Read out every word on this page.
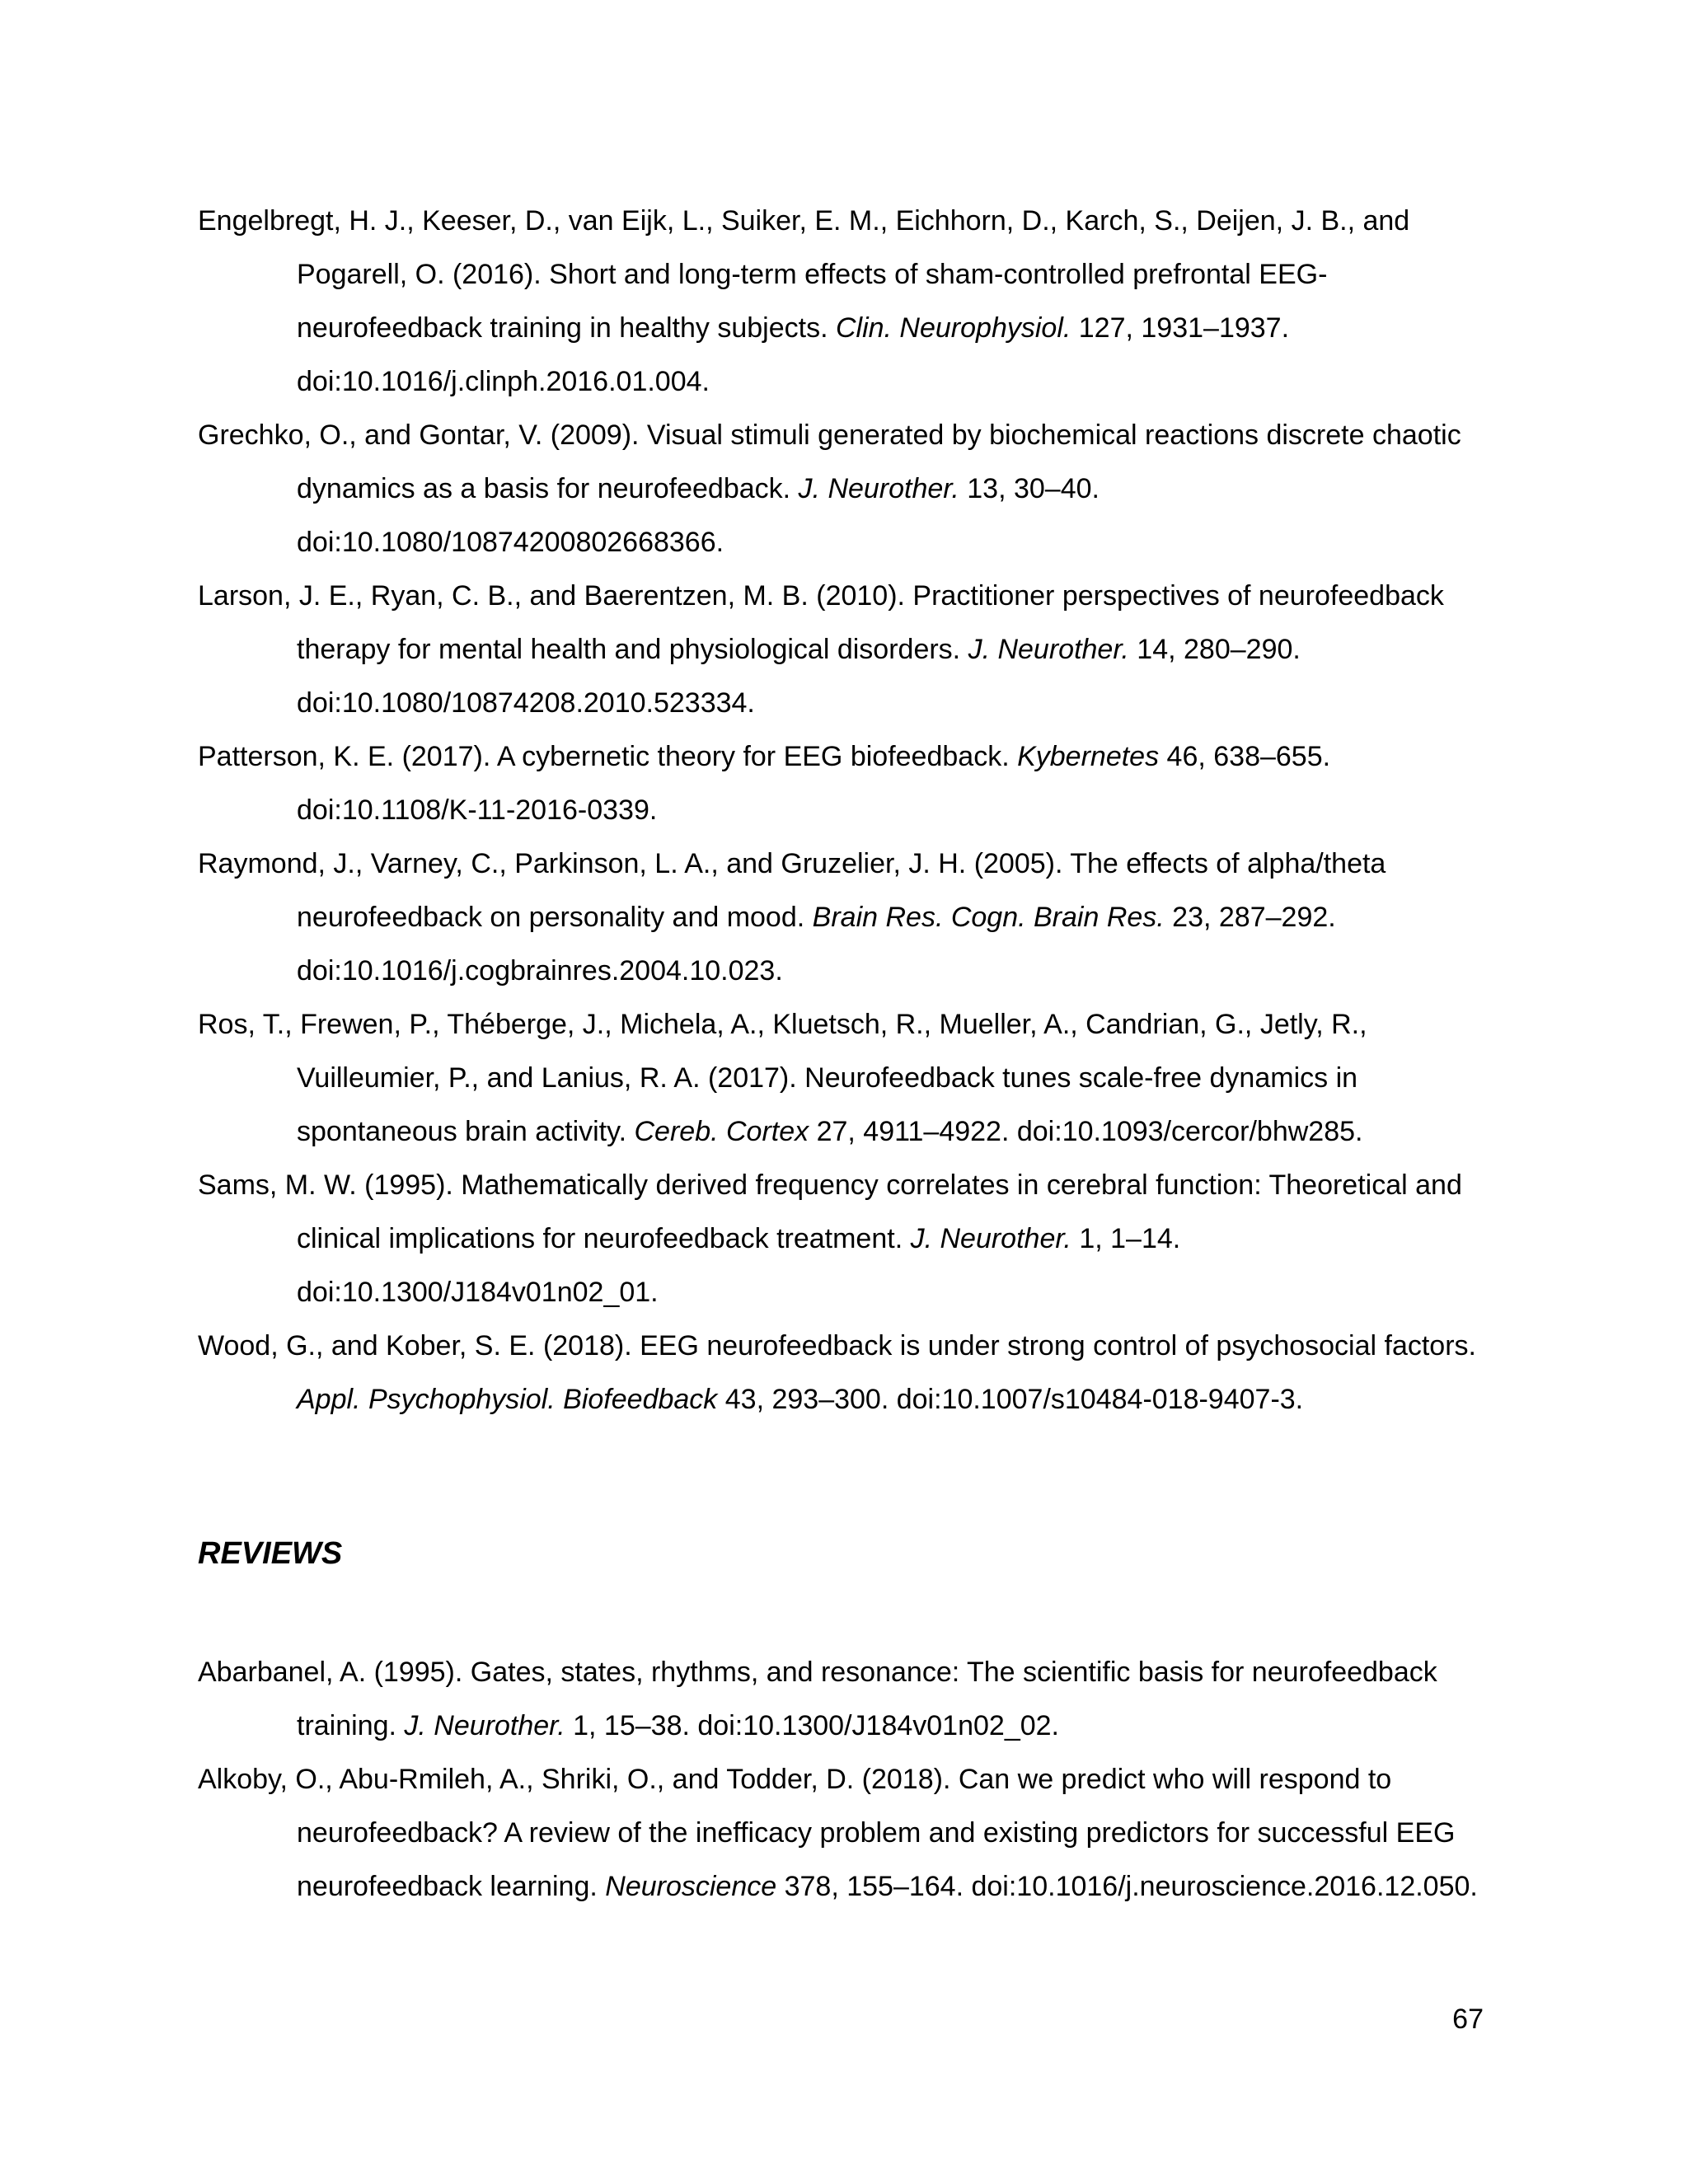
Engelbregt, H. J., Keeser, D., van Eijk, L., Suiker, E. M., Eichhorn, D., Karch, S., Deijen, J. B., and Pogarell, O. (2016). Short and long-term effects of sham-controlled prefrontal EEG-neurofeedback training in healthy subjects. Clin. Neurophysiol. 127, 1931–1937. doi:10.1016/j.clinph.2016.01.004.
Grechko, O., and Gontar, V. (2009). Visual stimuli generated by biochemical reactions discrete chaotic dynamics as a basis for neurofeedback. J. Neurother. 13, 30–40. doi:10.1080/10874200802668366.
Larson, J. E., Ryan, C. B., and Baerentzen, M. B. (2010). Practitioner perspectives of neurofeedback therapy for mental health and physiological disorders. J. Neurother. 14, 280–290. doi:10.1080/10874208.2010.523334.
Patterson, K. E. (2017). A cybernetic theory for EEG biofeedback. Kybernetes 46, 638–655. doi:10.1108/K-11-2016-0339.
Raymond, J., Varney, C., Parkinson, L. A., and Gruzelier, J. H. (2005). The effects of alpha/theta neurofeedback on personality and mood. Brain Res. Cogn. Brain Res. 23, 287–292. doi:10.1016/j.cogbrainres.2004.10.023.
Ros, T., Frewen, P., Théberge, J., Michela, A., Kluetsch, R., Mueller, A., Candrian, G., Jetly, R., Vuilleumier, P., and Lanius, R. A. (2017). Neurofeedback tunes scale-free dynamics in spontaneous brain activity. Cereb. Cortex 27, 4911–4922. doi:10.1093/cercor/bhw285.
Sams, M. W. (1995). Mathematically derived frequency correlates in cerebral function: Theoretical and clinical implications for neurofeedback treatment. J. Neurother. 1, 1–14. doi:10.1300/J184v01n02_01.
Wood, G., and Kober, S. E. (2018). EEG neurofeedback is under strong control of psychosocial factors. Appl. Psychophysiol. Biofeedback 43, 293–300. doi:10.1007/s10484-018-9407-3.
REVIEWS
Abarbanel, A. (1995). Gates, states, rhythms, and resonance: The scientific basis for neurofeedback training. J. Neurother. 1, 15–38. doi:10.1300/J184v01n02_02.
Alkoby, O., Abu-Rmileh, A., Shriki, O., and Todder, D. (2018). Can we predict who will respond to neurofeedback? A review of the inefficacy problem and existing predictors for successful EEG neurofeedback learning. Neuroscience 378, 155–164. doi:10.1016/j.neuroscience.2016.12.050.
67
